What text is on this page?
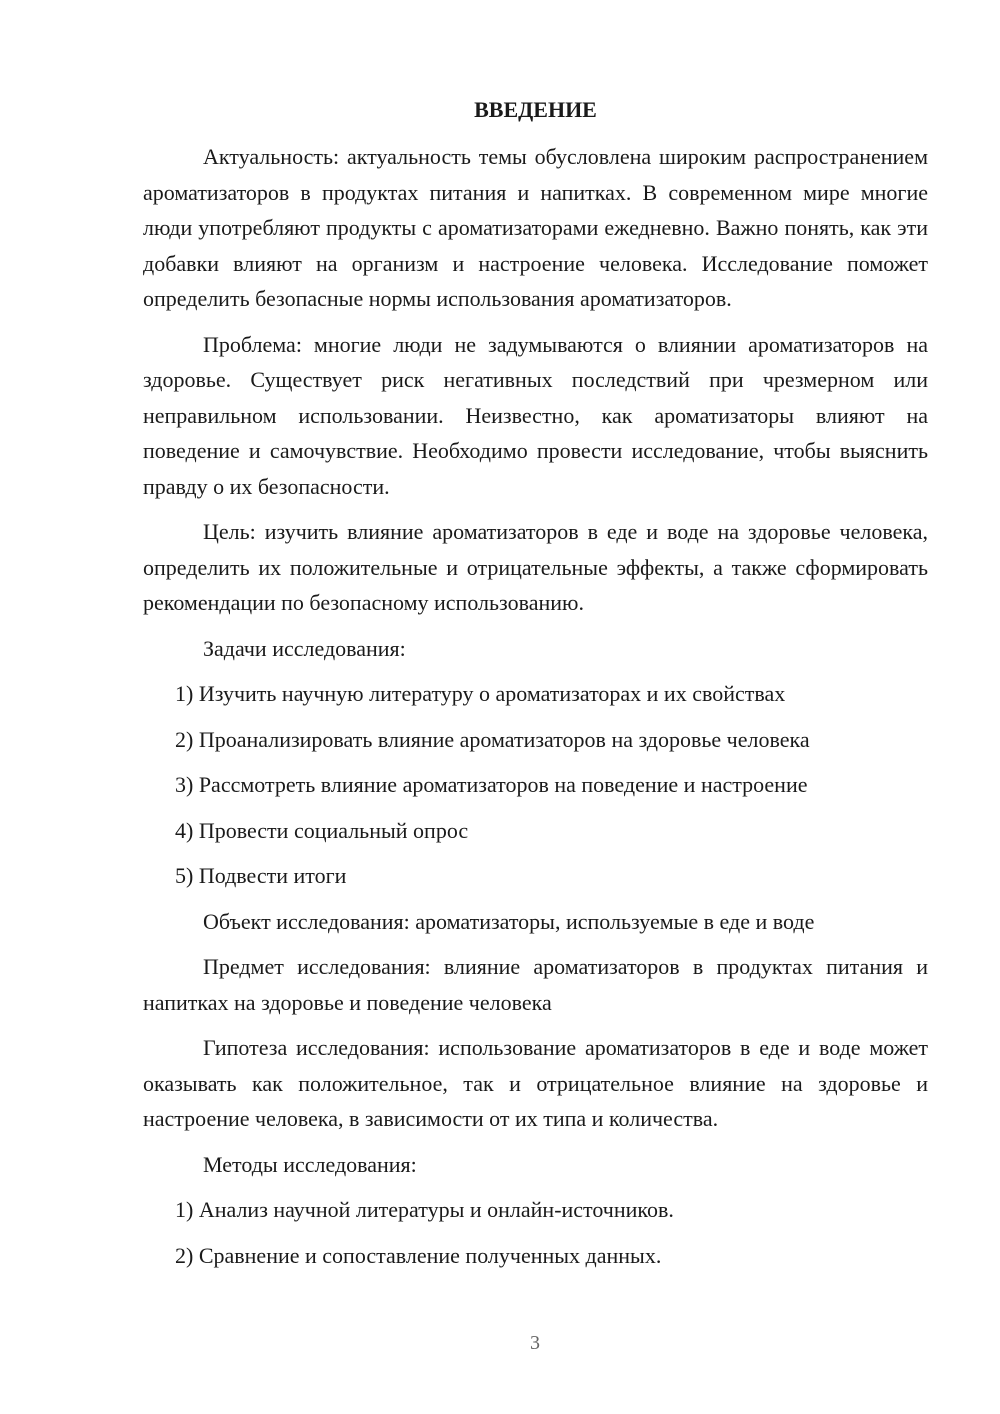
ВВЕДЕНИЕ

Актуальность: актуальность темы обусловлена широким распространением ароматизаторов в продуктах питания и напитках. В современном мире многие люди употребляют продукты с ароматизаторами ежедневно. Важно понять, как эти добавки влияют на организм и настроение человека. Исследование поможет определить безопасные нормы использования ароматизаторов.

Проблема: многие люди не задумываются о влиянии ароматизаторов на здоровье. Существует риск негативных последствий при чрезмерном или неправильном использовании. Неизвестно, как ароматизаторы влияют на поведение и самочувствие. Необходимо провести исследование, чтобы выяснить правду о их безопасности.

Цель: изучить влияние ароматизаторов в еде и воде на здоровье человека, определить их положительные и отрицательные эффекты, а также сформировать рекомендации по безопасному использованию.

Задачи исследования:

1) Изучить научную литературу о ароматизаторах и их свойствах

2) Проанализировать влияние ароматизаторов на здоровье человека

3) Рассмотреть влияние ароматизаторов на поведение и настроение

4) Провести социальный опрос

5) Подвести итоги

Объект исследования: ароматизаторы, используемые в еде и воде

Предмет исследования: влияние ароматизаторов в продуктах питания и напитках на здоровье и поведение человека

Гипотеза исследования: использование ароматизаторов в еде и воде может оказывать как положительное, так и отрицательное влияние на здоровье и настроение человека, в зависимости от их типа и количества.

Методы исследования:

1) Анализ научной литературы и онлайн-источников.

2) Сравнение и сопоставление полученных данных.

3
